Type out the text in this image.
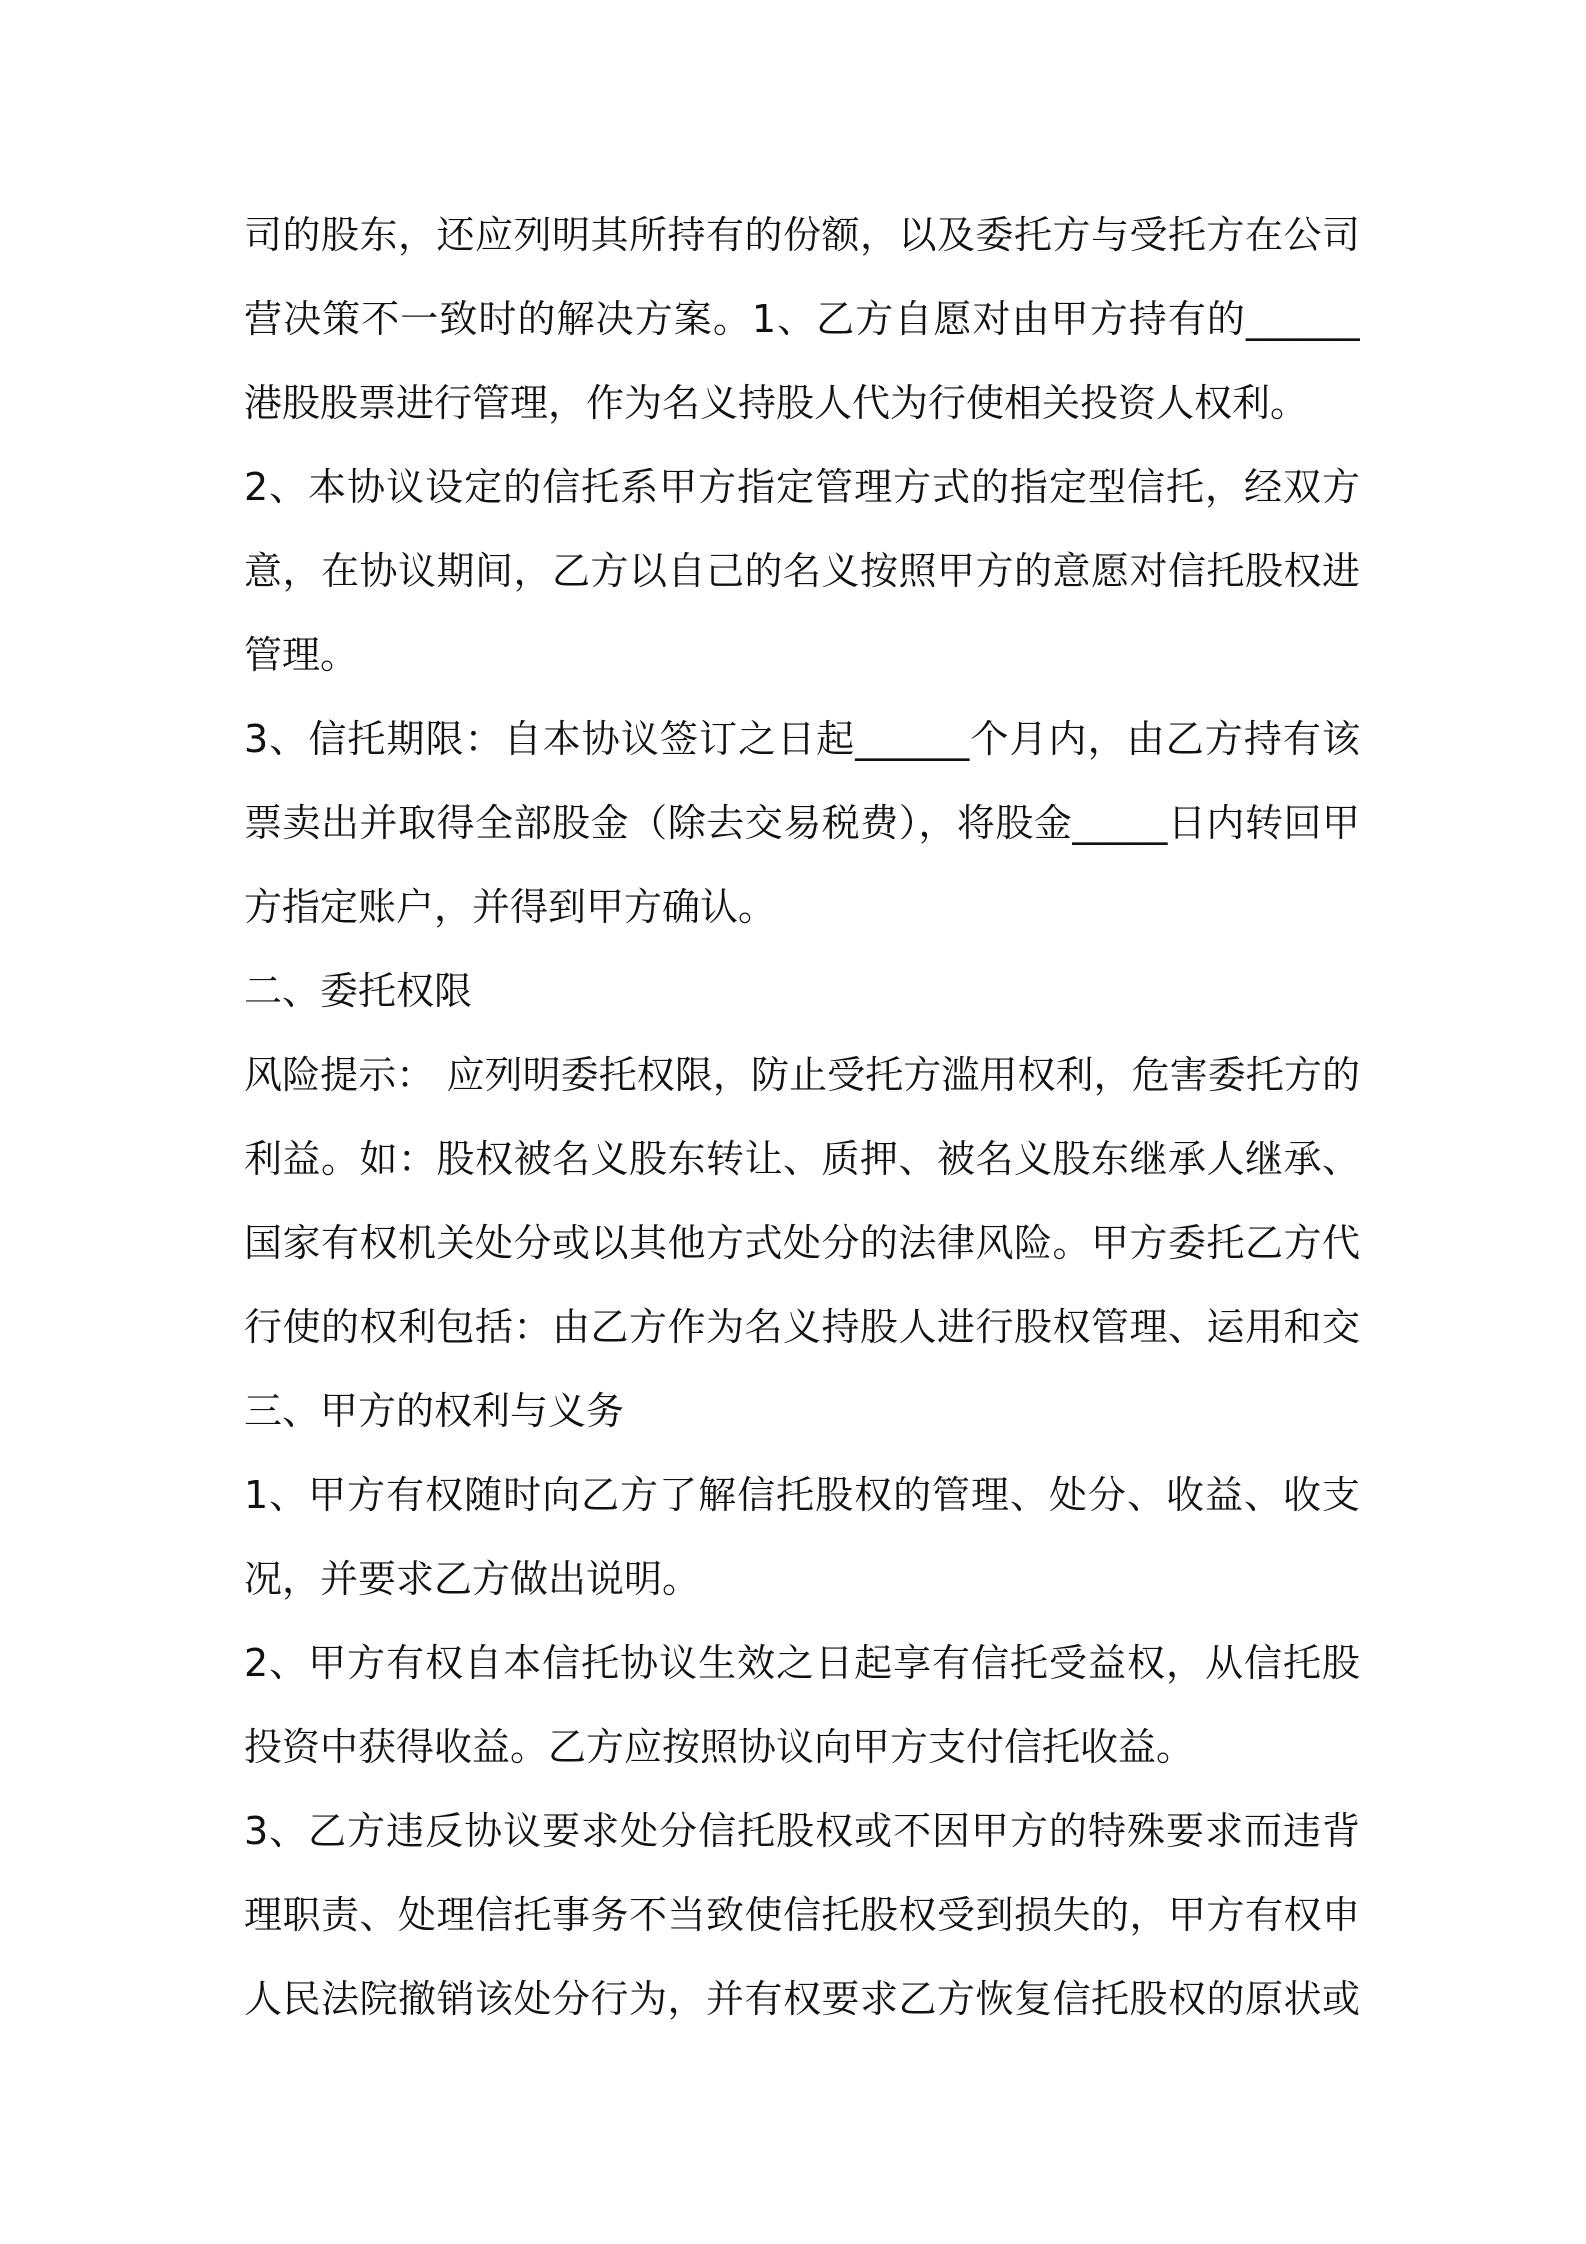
司的股东，还应列明其所持有的份额，以及委托方与受托方在公司
营决策不一致时的解决方案。1、乙方自愿对由甲方持有的______
港股股票进行管理，作为名义持股人代为行使相关投资人权利。
2、本协议设定的信托系甲方指定管理方式的指定型信托，经双方
意，在协议期间，乙方以自己的名义按照甲方的意愿对信托股权进
管理。
3、信托期限：自本协议签订之日起______个月内，由乙方持有该
票卖出并取得全部股金（除去交易税费），将股金_____日内转回甲
方指定账户，并得到甲方确认。
二、委托权限
风险提示： 应列明委托权限，防止受托方滥用权利，危害委托方的
利益。如：股权被名义股东转让、质押、被名义股东继承人继承、
国家有权机关处分或以其他方式处分的法律风险。甲方委托乙方代
行使的权利包括：由乙方作为名义持股人进行股权管理、运用和交
三、甲方的权利与义务
1、甲方有权随时向乙方了解信托股权的管理、处分、收益、收支
况，并要求乙方做出说明。
2、甲方有权自本信托协议生效之日起享有信托受益权，从信托股
投资中获得收益。乙方应按照协议向甲方支付信托收益。
3、乙方违反协议要求处分信托股权或不因甲方的特殊要求而违背
理职责、处理信托事务不当致使信托股权受到损失的，甲方有权申
人民法院撤销该处分行为，并有权要求乙方恢复信托股权的原状或
